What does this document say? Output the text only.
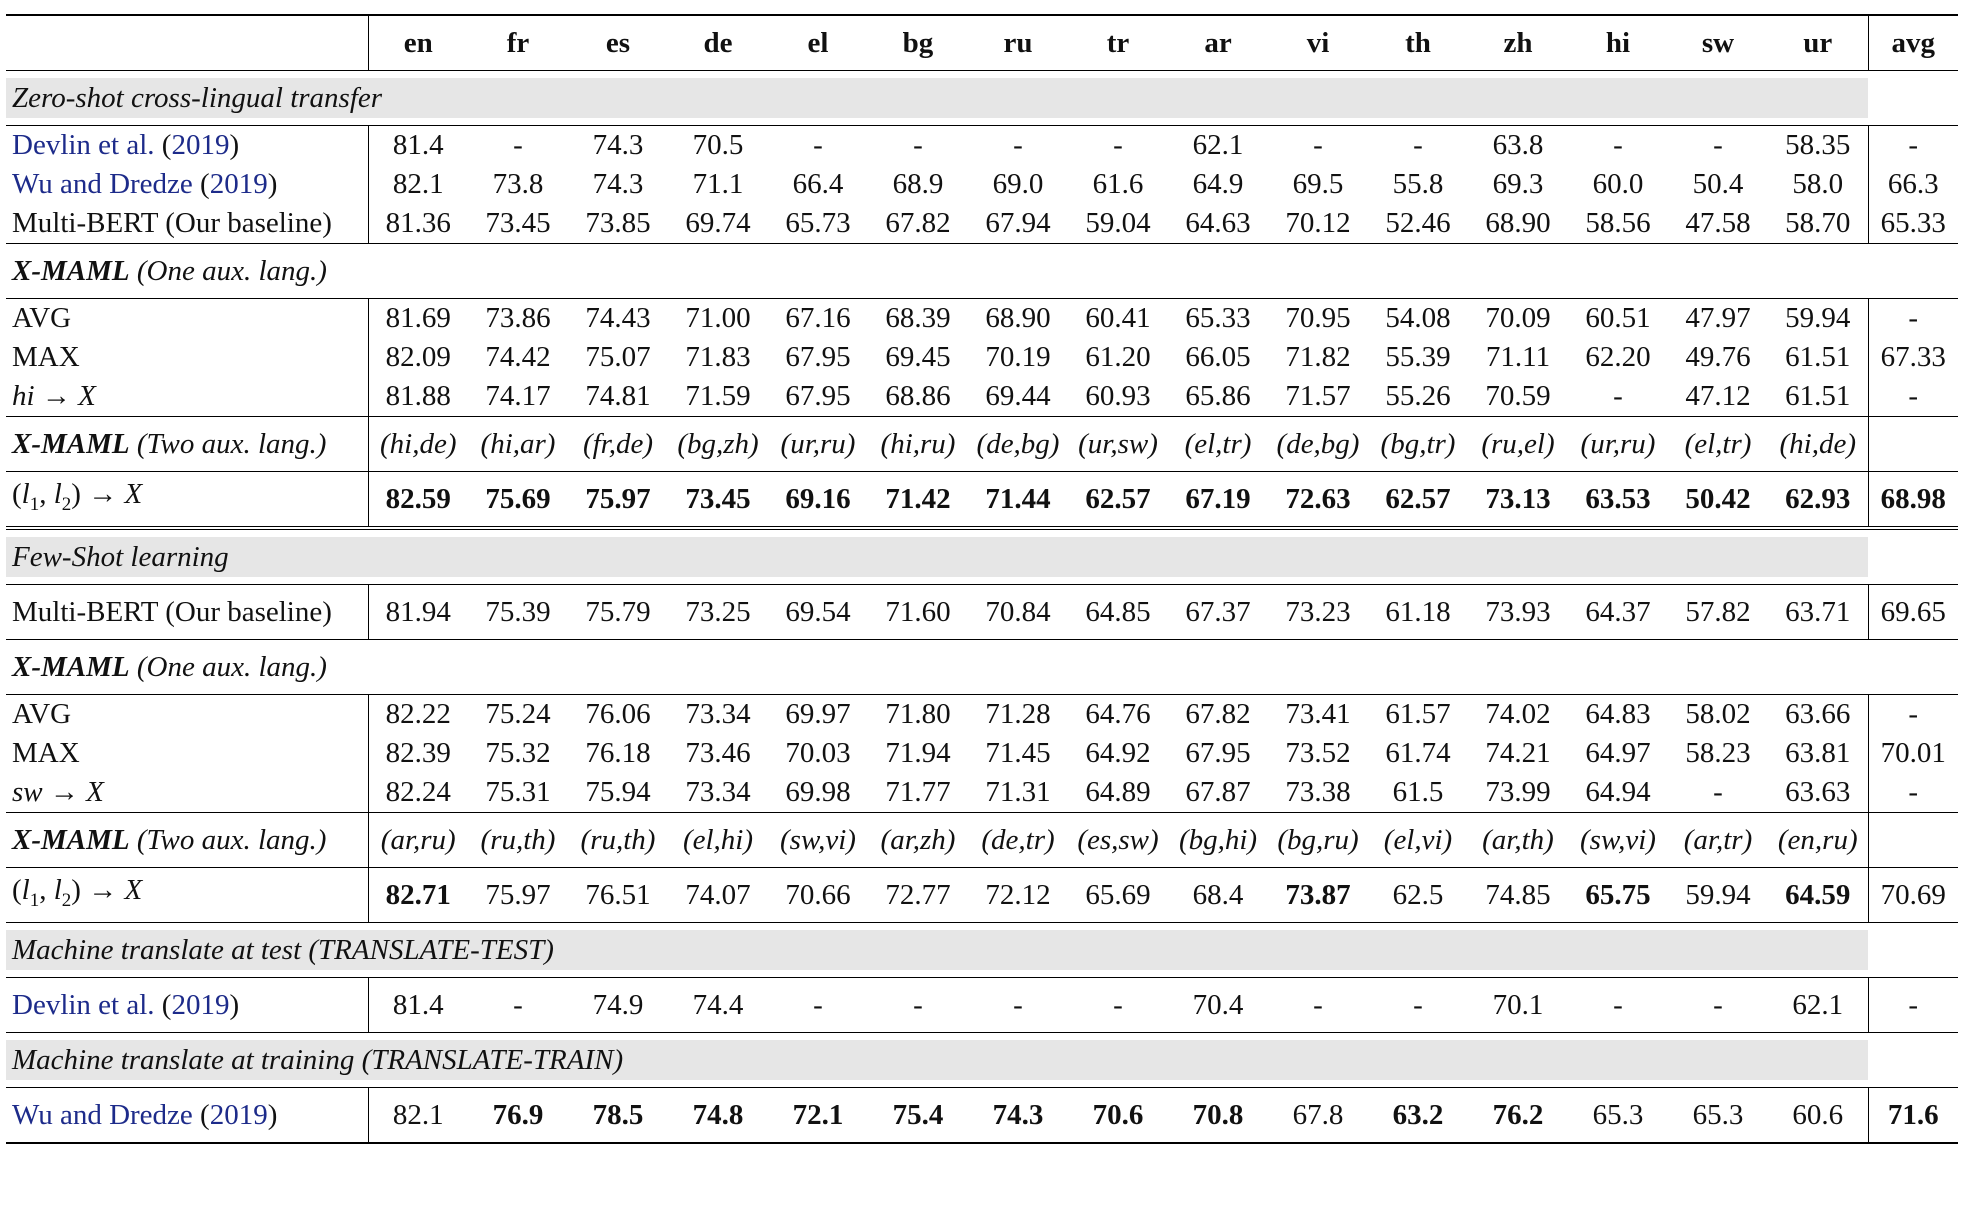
	en	fr	es	de	el	bg	ru	tr	ar	vi	th	zh	hi	sw	ur	avg

Zero-shot cross-lingual transfer																

Devlin et al. (2019)	81.4	-	74.3	70.5	-	-	-	-	62.1	-	-	63.8	-	-	58.35	-
Wu and Dredze (2019)	82.1	73.8	74.3	71.1	66.4	68.9	69.0	61.6	64.9	69.5	55.8	69.3	60.0	50.4	58.0	66.3
Multi-BERT (Our baseline)	81.36	73.45	73.85	69.74	65.73	67.82	67.94	59.04	64.63	70.12	52.46	68.90	58.56	47.58	58.70	65.33
X-MAML (One aux. lang.)																
AVG	81.69	73.86	74.43	71.00	67.16	68.39	68.90	60.41	65.33	70.95	54.08	70.09	60.51	47.97	59.94	-
MAX	82.09	74.42	75.07	71.83	67.95	69.45	70.19	61.20	66.05	71.82	55.39	71.11	62.20	49.76	61.51	67.33
hi → X	81.88	74.17	74.81	71.59	67.95	68.86	69.44	60.93	65.86	71.57	55.26	70.59	-	47.12	61.51	-
X-MAML (Two aux. lang.)	(hi,de)	(hi,ar)	(fr,de)	(bg,zh)	(ur,ru)	(hi,ru)	(de,bg)	(ur,sw)	(el,tr)	(de,bg)	(bg,tr)	(ru,el)	(ur,ru)	(el,tr)	(hi,de)	
($l_1$, $l_2) \to X$	82.59	75.69	75.97	73.45	69.16	71.42	71.44	62.57	67.19	72.63	62.57	73.13	63.53	50.42	62.93	68.98

Few-Shot learning																

Multi-BERT (Our baseline)	81.94	75.39	75.79	73.25	69.54	71.60	70.84	64.85	67.37	73.23	61.18	73.93	64.37	57.82	63.71	69.65
X-MAML (One aux. lang.)																
AVG	82.22	75.24	76.06	73.34	69.97	71.80	71.28	64.76	67.82	73.41	61.57	74.02	64.83	58.02	63.66	-
MAX	82.39	75.32	76.18	73.46	70.03	71.94	71.45	64.92	67.95	73.52	61.74	74.21	64.97	58.23	63.81	70.01
sw → X	82.24	75.31	75.94	73.34	69.98	71.77	71.31	64.89	67.87	73.38	61.5	73.99	64.94	-	63.63	-
X-MAML (Two aux. lang.)	(ar,ru)	(ru,th)	(ru,th)	(el,hi)	(sw,vi)	(ar,zh)	(de,tr)	(es,sw)	(bg,hi)	(bg,ru)	(el,vi)	(ar,th)	(sw,vi)	(ar,tr)	(en,ru)	
($l_1$, $l_2) \to X$	82.71	75.97	76.51	74.07	70.66	72.77	72.12	65.69	68.4	73.87	62.5	74.85	65.75	59.94	64.59	70.69

Machine translate at test (TRANSLATE-TEST)																

Devlin et al. (2019)	81.4	-	74.9	74.4	-	-	-	-	70.4	-	-	70.1	-	-	62.1	-

Machine translate at training (TRANSLATE-TRAIN)																

Wu and Dredze (2019)	82.1	76.9	78.5	74.8	72.1	75.4	74.3	70.6	70.8	67.8	63.2	76.2	65.3	65.3	60.6	71.6
